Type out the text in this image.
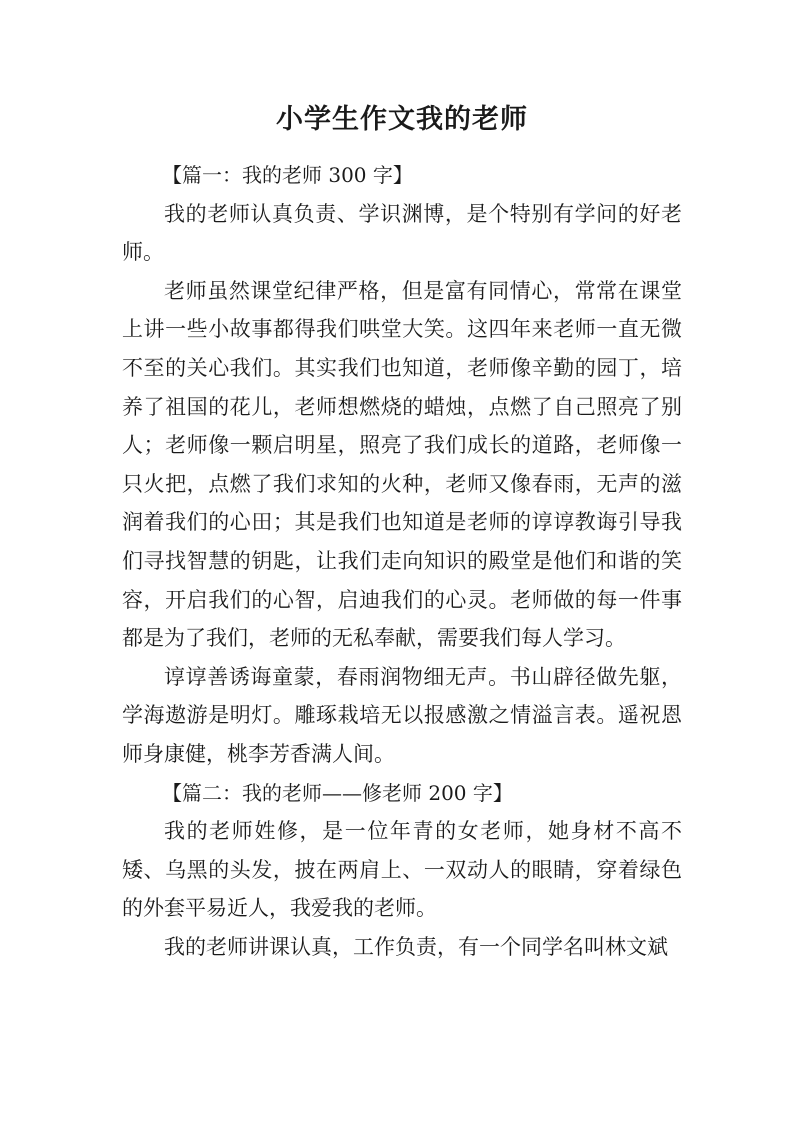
小学生作文我的老师
【篇一：我的老师 300 字】

我的老师认真负责、学识渊博，是个特别有学问的好老师。

老师虽然课堂纪律严格，但是富有同情心，常常在课堂上讲一些小故事都得我们哄堂大笑。这四年来老师一直无微不至的关心我们。其实我们也知道，老师像辛勤的园丁，培养了祖国的花儿，老师想燃烧的蜡烛，点燃了自己照亮了别人；老师像一颗启明星，照亮了我们成长的道路，老师像一只火把，点燃了我们求知的火种，老师又像春雨，无声的滋润着我们的心田；其是我们也知道是老师的谆谆教诲引导我们寻找智慧的钥匙，让我们走向知识的殿堂是他们和谐的笑容，开启我们的心智，启迪我们的心灵。老师做的每一件事都是为了我们，老师的无私奉献，需要我们每人学习。

谆谆善诱诲童蒙，春雨润物细无声。书山辟径做先躯，学海遨游是明灯。雕琢栽培无以报感激之情溢言表。遥祝恩师身康健，桃李芳香满人间。

【篇二：我的老师——修老师 200 字】

我的老师姓修，是一位年青的女老师，她身材不高不矮、乌黑的头发，披在两肩上、一双动人的眼睛，穿着绿色的外套平易近人，我爱我的老师。

我的老师讲课认真，工作负责，有一个同学名叫林文斌
